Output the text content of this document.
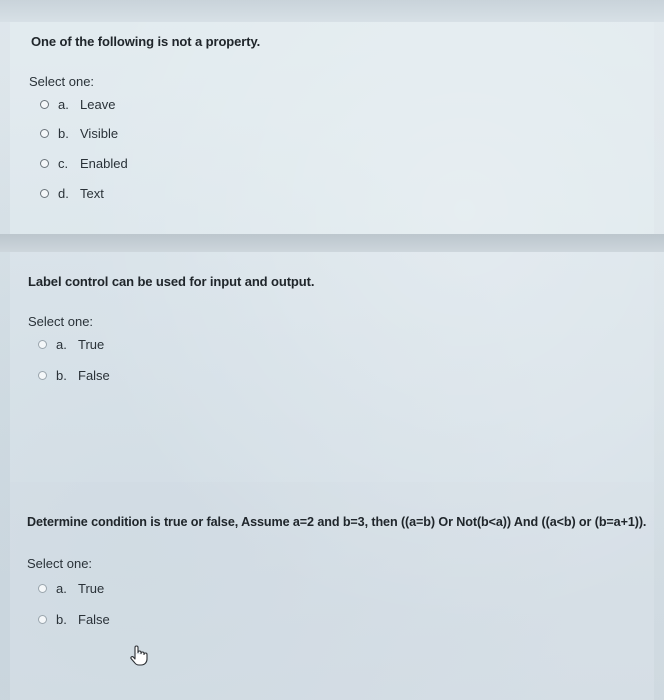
One of the following is not a property.
Select one:
a. Leave
b. Visible
c. Enabled
d. Text
Label control can be used for input and output.
Select one:
a. True
b. False
Determine condition is true or false, Assume a=2 and b=3, then ((a=b) Or Not(b<a)) And ((a<b) or (b=a+1)).
Select one:
a. True
b. False
